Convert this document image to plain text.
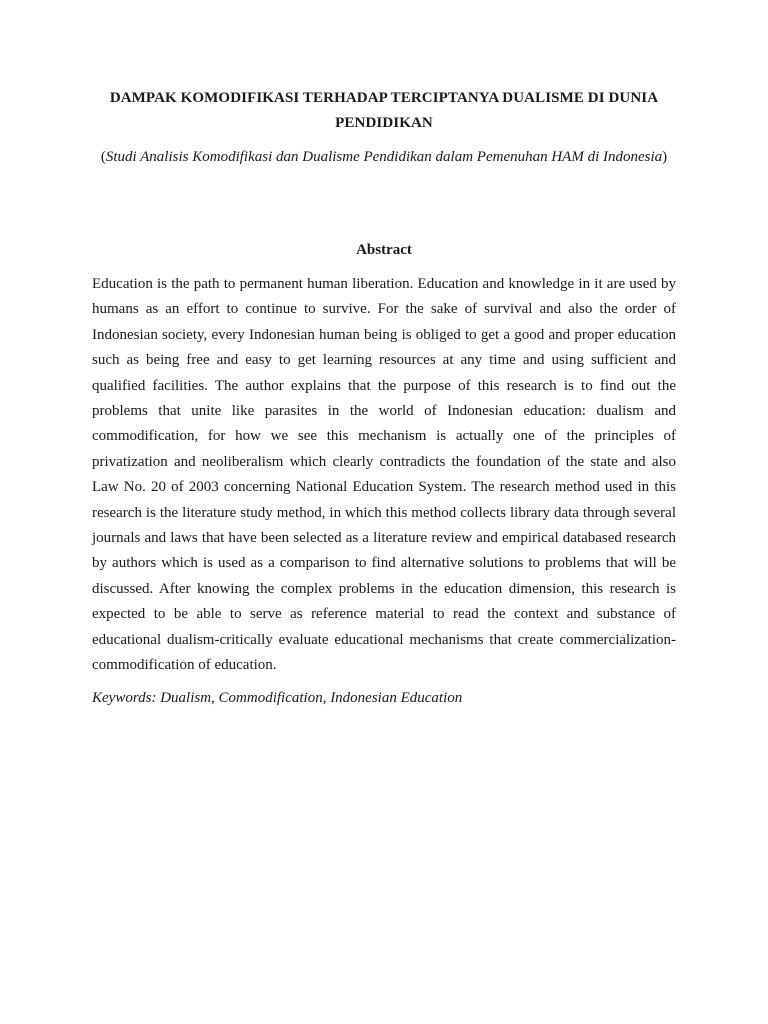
DAMPAK KOMODIFIKASI TERHADAP TERCIPTANYA DUALISME DI DUNIA
PENDIDIKAN
(Studi Analisis Komodifikasi dan Dualisme Pendidikan dalam Pemenuhan HAM di Indonesia)
Abstract

Education is the path to permanent human liberation. Education and knowledge in it are used by humans as an effort to continue to survive. For the sake of survival and also the order of Indonesian society, every Indonesian human being is obliged to get a good and proper education such as being free and easy to get learning resources at any time and using sufficient and qualified facilities. The author explains that the purpose of this research is to find out the problems that unite like parasites in the world of Indonesian education: dualism and commodification, for how we see this mechanism is actually one of the principles of privatization and neoliberalism which clearly contradicts the foundation of the state and also Law No. 20 of 2003 concerning National Education System. The research method used in this research is the literature study method, in which this method collects library data through several journals and laws that have been selected as a literature review and empirical databased research by authors which is used as a comparison to find alternative solutions to problems that will be discussed. After knowing the complex problems in the education dimension, this research is expected to be able to serve as reference material to read the context and substance of educational dualism-critically evaluate educational mechanisms that create commercialization-commodification of education.

Keywords: Dualism, Commodification, Indonesian Education
